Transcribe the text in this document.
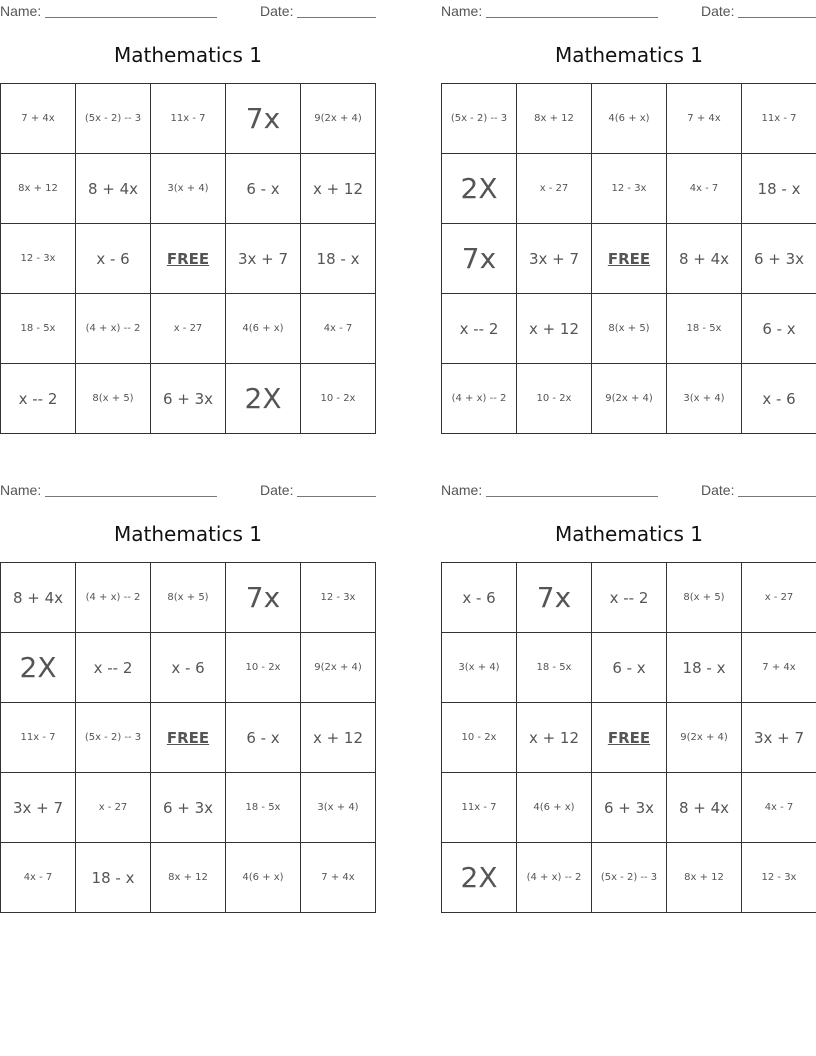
Name:	Date:
Mathematics 1
7 + 4x	(5x - 2) -- 3	11x - 7	7x	9(2x + 4)
8x + 12	8 + 4x	3(x + 4)	6 - x	x + 12
12 - 3x	x - 6	FREE	3x + 7	18 - x
18 - 5x	(4 + x) -- 2	x - 27	4(6 + x)	4x - 7
x -- 2	8(x + 5)	6 + 3x	2X	10 - 2x
Name:	Date:
Mathematics 1
(5x - 2) -- 3	8x + 12	4(6 + x)	7 + 4x	11x - 7
2X	x - 27	12 - 3x	4x - 7	18 - x
7x	3x + 7	FREE	8 + 4x	6 + 3x
x -- 2	x + 12	8(x + 5)	18 - 5x	6 - x
(4 + x) -- 2	10 - 2x	9(2x + 4)	3(x + 4)	x - 6
Name:	Date:
Mathematics 1
8 + 4x	(4 + x) -- 2	8(x + 5)	7x	12 - 3x
2X	x -- 2	x - 6	10 - 2x	9(2x + 4)
11x - 7	(5x - 2) -- 3	FREE	6 - x	x + 12
3x + 7	x - 27	6 + 3x	18 - 5x	3(x + 4)
4x - 7	18 - x	8x + 12	4(6 + x)	7 + 4x
Name:	Date:
Mathematics 1
x - 6	7x	x -- 2	8(x + 5)	x - 27
3(x + 4)	18 - 5x	6 - x	18 - x	7 + 4x
10 - 2x	x + 12	FREE	9(2x + 4)	3x + 7
11x - 7	4(6 + x)	6 + 3x	8 + 4x	4x - 7
2X	(4 + x) -- 2	(5x - 2) -- 3	8x + 12	12 - 3x
